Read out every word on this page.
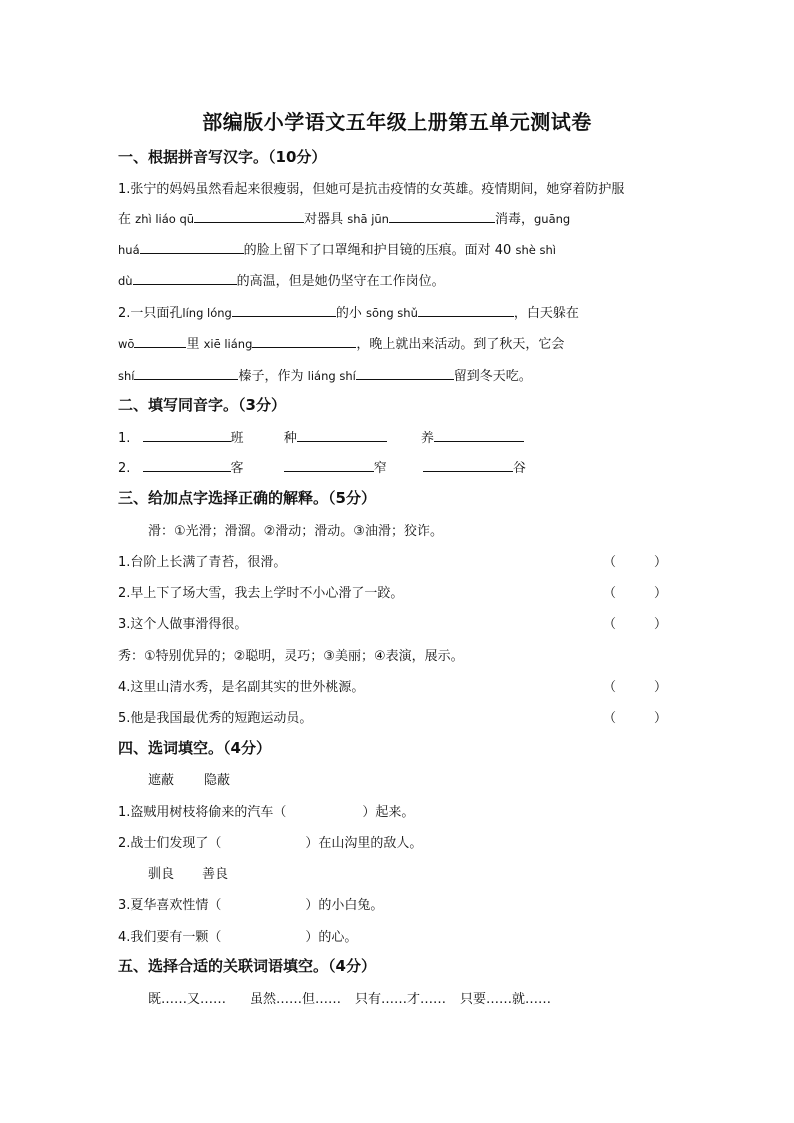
部编版小学语文五年级上册第五单元测试卷
一、根据拼音写汉字。（10分）
1.张宁的妈妈虽然看起来很瘦弱，但她可是抗击疫情的女英雄。疫情期间，她穿着防护服
在 zhì liáo qū	对器具 shā jūn	消毒，guāng
huá	的脸上留下了口罩绳和护目镜的压痕。面对 40 shè shì
dù	的高温，但是她仍坚守在工作岗位。
2.一只面孔líng lóng	的小 sōng shǔ	，白天躲在
wō	里 xiē liáng	，晚上就出来活动。到了秋天，它会
shí	榛子，作为 liáng shí	留到冬天吃。
二、填写同音字。（3分）
1.	班	种	养
2.	客	窄	谷
三、给加点字选择正确的解释。（5分）
滑：①光滑；滑溜。②滑动；滑动。③油滑；狡诈。
1.台阶上长满了青苔，很滑。	（	）
2.早上下了场大雪，我去上学时不小心滑了一跤。	（	）
3.这个人做事滑得很。	（	）
秀：①特别优异的；②聪明，灵巧；③美丽；④表演，展示。
4.这里山清水秀，是名副其实的世外桃源。	（	）
5.他是我国最优秀的短跑运动员。	（	）
四、选词填空。（4分）
遮蔽 隐蔽
1.盗贼用树枝将偷来的汽车（	）起来。
2.战士们发现了（	）在山沟里的敌人。
驯良 善良
3.夏华喜欢性情（	）的小白兔。
4.我们要有一颗（	）的心。
五、选择合适的关联词语填空。（4分）
既……又…… 虽然……但…… 只有……才…… 只要……就……
